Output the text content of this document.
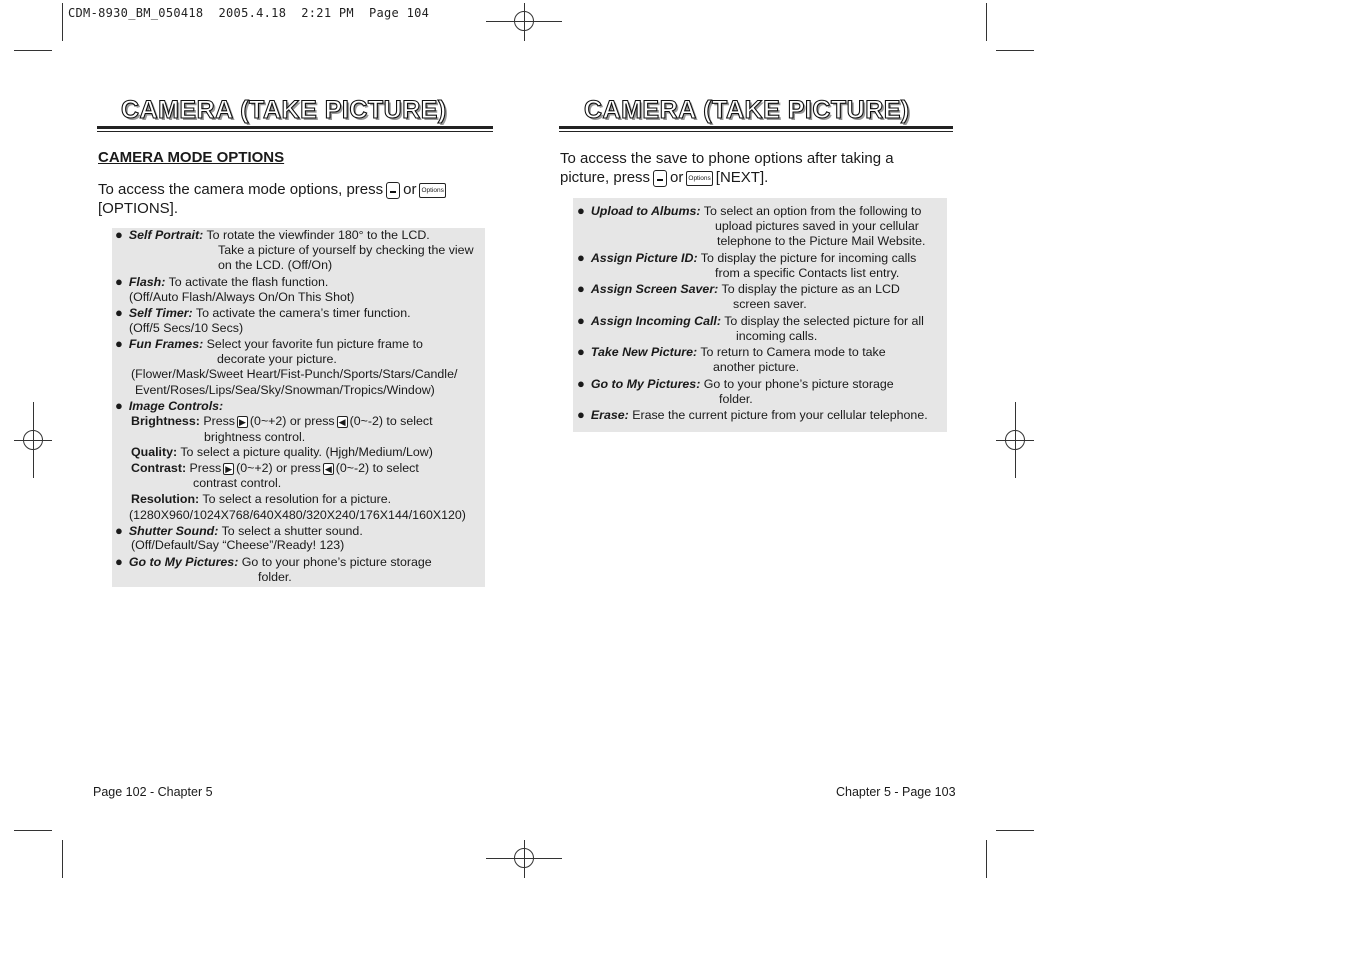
CDM-8930_BM_050418  2005.4.18  2:21 PM  Page 104
CAMERA (TAKE PICTURE)
CAMERA MODE OPTIONS
To access the camera mode options, press or Options
[OPTIONS].
● Self Portrait: To rotate the viewfinder 180° to the LCD.
Take a picture of yourself by checking the view
on the LCD. (Off/On)
● Flash: To activate the flash function.
(Off/Auto Flash/Always On/On This Shot)
● Self Timer: To activate the camera’s timer function.
(Off/5 Secs/10 Secs)
● Fun Frames: Select your favorite fun picture frame to
decorate your picture.
(Flower/Mask/Sweet Heart/Fist-Punch/Sports/Stars/Candle/
Event/Roses/Lips/Sea/Sky/Snowman/Tropics/Window)
● Image Controls:
Brightness: Press ▶ (0~+2) or press ◀ (0~-2) to select
brightness control.
Quality: To select a picture quality. (Hjgh/Medium/Low)
Contrast: Press ▶ (0~+2) or press ◀ (0~-2) to select
contrast control.
Resolution: To select a resolution for a picture.
(1280X960/1024X768/640X480/320X240/176X144/160X120)
● Shutter Sound: To select a shutter sound.
(Off/Default/Say “Cheese”/Ready! 123)
● Go to My Pictures: Go to your phone’s picture storage
folder.
Page 102 - Chapter 5
CAMERA (TAKE PICTURE)
To access the save to phone options after taking a
picture, press or Options [NEXT].
● Upload to Albums: To select an option from the following to
upload pictures saved in your cellular
telephone to the Picture Mail Website.
● Assign Picture ID: To display the picture for incoming calls
from a specific Contacts list entry.
● Assign Screen Saver: To display the picture as an LCD
screen saver.
● Assign Incoming Call: To display the selected picture for all
incoming calls.
● Take New Picture: To return to Camera mode to take
another picture.
● Go to My Pictures: Go to your phone’s picture storage
folder.
● Erase: Erase the current picture from your cellular telephone.
Chapter 5 - Page 103
